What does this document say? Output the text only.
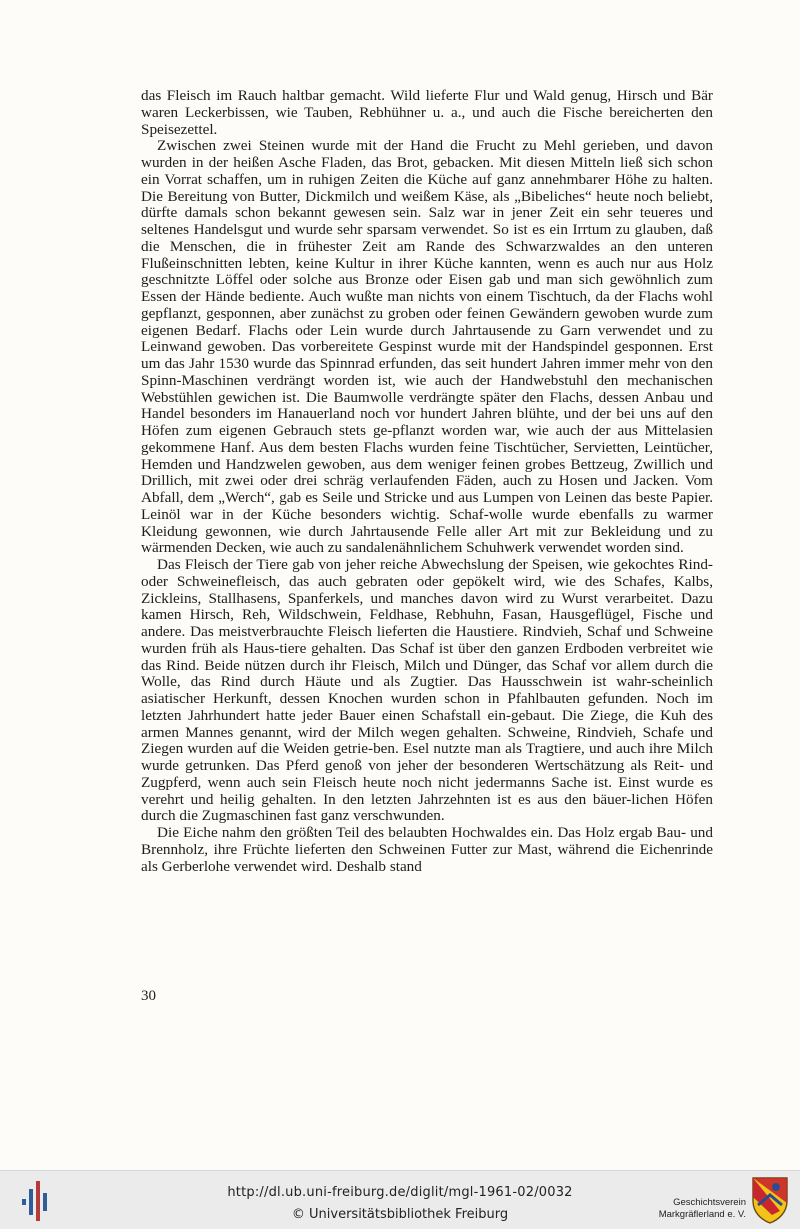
das Fleisch im Rauch haltbar gemacht. Wild lieferte Flur und Wald genug, Hirsch und Bär waren Leckerbissen, wie Tauben, Rebhühner u. a., und auch die Fische bereicherten den Speisezettel.

Zwischen zwei Steinen wurde mit der Hand die Frucht zu Mehl gerieben, und davon wurden in der heißen Asche Fladen, das Brot, gebacken. Mit diesen Mitteln ließ sich schon ein Vorrat schaffen, um in ruhigen Zeiten die Küche auf ganz annehmbarer Höhe zu halten. Die Bereitung von Butter, Dickmilch und weißem Käse, als „Bibeliches“ heute noch beliebt, dürfte damals schon bekannt gewesen sein. Salz war in jener Zeit ein sehr teueres und seltenes Handelsgut und wurde sehr sparsam verwendet. So ist es ein Irrtum zu glauben, daß die Menschen, die in frühester Zeit am Rande des Schwarzwaldes an den unteren Flußeinschnitten lebten, keine Kultur in ihrer Küche kannten, wenn es auch nur aus Holz geschnitzte Löffel oder solche aus Bronze oder Eisen gab und man sich gewöhnlich zum Essen der Hände bediente. Auch wußte man nichts von einem Tischtuch, da der Flachs wohl gepflanzt, gesponnen, aber zunächst zu groben oder feinen Gewändern gewoben wurde zum eigenen Bedarf. Flachs oder Lein wurde durch Jahrtausende zu Garn verwendet und zu Leinwand gewoben. Das vorbereitete Gespinst wurde mit der Handspindel gesponnen. Erst um das Jahr 1530 wurde das Spinnrad erfunden, das seit hundert Jahren immer mehr von den Spinn-Maschinen verdrängt worden ist, wie auch der Handwebstuhl den mechanischen Webstühlen gewichen ist. Die Baumwolle verdrängte später den Flachs, dessen Anbau und Handel besonders im Hanauerland noch vor hundert Jahren blühte, und der bei uns auf den Höfen zum eigenen Gebrauch stets ge-pflanzt worden war, wie auch der aus Mittelasien gekommene Hanf. Aus dem besten Flachs wurden feine Tischtücher, Servietten, Leintücher, Hemden und Handzwelen gewoben, aus dem weniger feinen grobes Bettzeug, Zwillich und Drillich, mit zwei oder drei schräg verlaufenden Fäden, auch zu Hosen und Jacken. Vom Abfall, dem „Werch“, gab es Seile und Stricke und aus Lumpen von Leinen das beste Papier. Leinöl war in der Küche besonders wichtig. Schaf-wolle wurde ebenfalls zu warmer Kleidung gewonnen, wie durch Jahrtausende Felle aller Art mit zur Bekleidung und zu wärmenden Decken, wie auch zu sandalenähnlichem Schuhwerk verwendet worden sind.

Das Fleisch der Tiere gab von jeher reiche Abwechslung der Speisen, wie gekochtes Rind- oder Schweinefleisch, das auch gebraten oder gepökelt wird, wie des Schafes, Kalbs, Zickleins, Stallhasens, Spanferkels, und manches davon wird zu Wurst verarbeitet. Dazu kamen Hirsch, Reh, Wildschwein, Feldhase, Rebhuhn, Fasan, Hausgeflügel, Fische und andere. Das meistverbrauchte Fleisch lieferten die Haustiere. Rindvieh, Schaf und Schweine wurden früh als Haus-tiere gehalten. Das Schaf ist über den ganzen Erdboden verbreitet wie das Rind. Beide nützen durch ihr Fleisch, Milch und Dünger, das Schaf vor allem durch die Wolle, das Rind durch Häute und als Zugtier. Das Hausschwein ist wahr-scheinlich asiatischer Herkunft, dessen Knochen wurden schon in Pfahlbauten gefunden. Noch im letzten Jahrhundert hatte jeder Bauer einen Schafstall ein-gebaut. Die Ziege, die Kuh des armen Mannes genannt, wird der Milch wegen gehalten. Schweine, Rindvieh, Schafe und Ziegen wurden auf die Weiden getrie-ben. Esel nutzte man als Tragtiere, und auch ihre Milch wurde getrunken. Das Pferd genoß von jeher der besonderen Wertschätzung als Reit- und Zugpferd, wenn auch sein Fleisch heute noch nicht jedermanns Sache ist. Einst wurde es verehrt und heilig gehalten. In den letzten Jahrzehnten ist es aus den bäuer-lichen Höfen durch die Zugmaschinen fast ganz verschwunden.

Die Eiche nahm den größten Teil des belaubten Hochwaldes ein. Das Holz ergab Bau- und Brennholz, ihre Früchte lieferten den Schweinen Futter zur Mast, während die Eichenrinde als Gerberlohe verwendet wird. Deshalb stand

30
http://dl.ub.uni-freiburg.de/diglit/mgl-1961-02/0032
© Universitätsbibliothek Freiburg
Geschichtsverein
Markgräflerland e. V.
